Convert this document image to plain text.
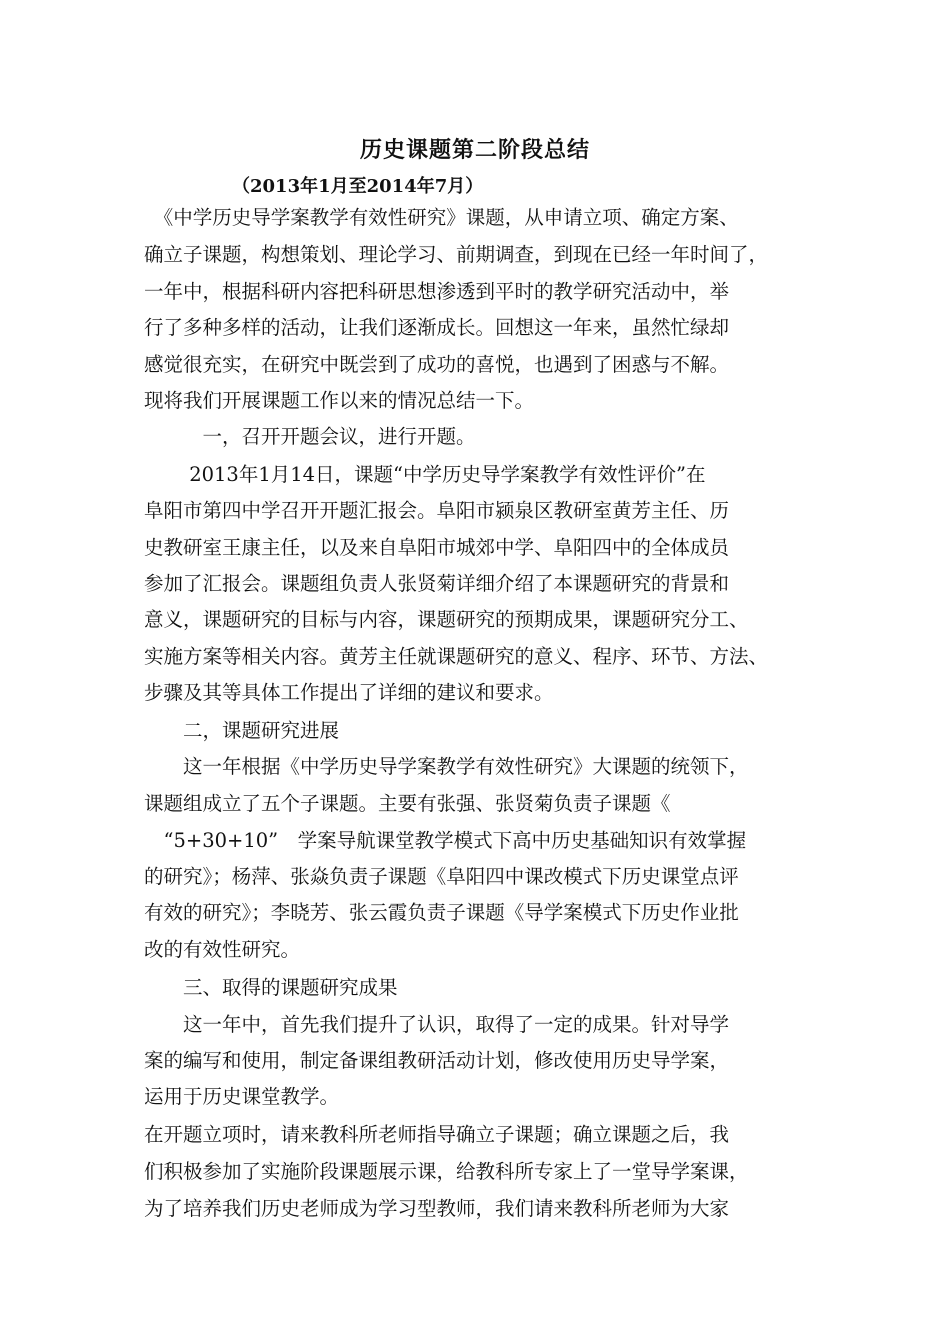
历史课题第二阶段总结
（2013年1月至2014年7月）
　《中学历史导学案教学有效性研究》课题，从申请立项、确定方案、
确立子课题，构想策划、理论学习、前期调查，到现在已经一年时间了，
一年中，根据科研内容把科研思想渗透到平时的教学研究活动中，举
行了多种多样的活动，让我们逐渐成长。回想这一年来，虽然忙绿却
感觉很充实，在研究中既尝到了成功的喜悦，也遇到了困惑与不解。
现将我们开展课题工作以来的情况总结一下。
　　　一，召开开题会议，进行开题。
　　 2013年1月14日，课题“中学历史导学案教学有效性评价”在
阜阳市第四中学召开开题汇报会。阜阳市颍泉区教研室黄芳主任、历
史教研室王康主任，以及来自阜阳市城郊中学、阜阳四中的全体成员
参加了汇报会。课题组负责人张贤菊详细介绍了本课题研究的背景和
意义，课题研究的目标与内容，课题研究的预期成果，课题研究分工、
实施方案等相关内容。黄芳主任就课题研究的意义、程序、环节、方法、
步骤及其等具体工作提出了详细的建议和要求。
　　二，课题研究进展
　　这一年根据《中学历史导学案教学有效性研究》大课题的统领下，
课题组成立了五个子课题。主要有张强、张贤菊负责子课题《
　“5+30+10”　学案导航课堂教学模式下高中历史基础知识有效掌握
的研究》；杨萍、张焱负责子课题《阜阳四中课改模式下历史课堂点评
有效的研究》；李晓芳、张云霞负责子课题《导学案模式下历史作业批
改的有效性研究。
　　三、取得的课题研究成果
　　这一年中，首先我们提升了认识，取得了一定的成果。针对导学
案的编写和使用，制定备课组教研活动计划，修改使用历史导学案，
运用于历史课堂教学。
在开题立项时，请来教科所老师指导确立子课题；确立课题之后，我
们积极参加了实施阶段课题展示课，给教科所专家上了一堂导学案课，
为了培养我们历史老师成为学习型教师，我们请来教科所老师为大家
